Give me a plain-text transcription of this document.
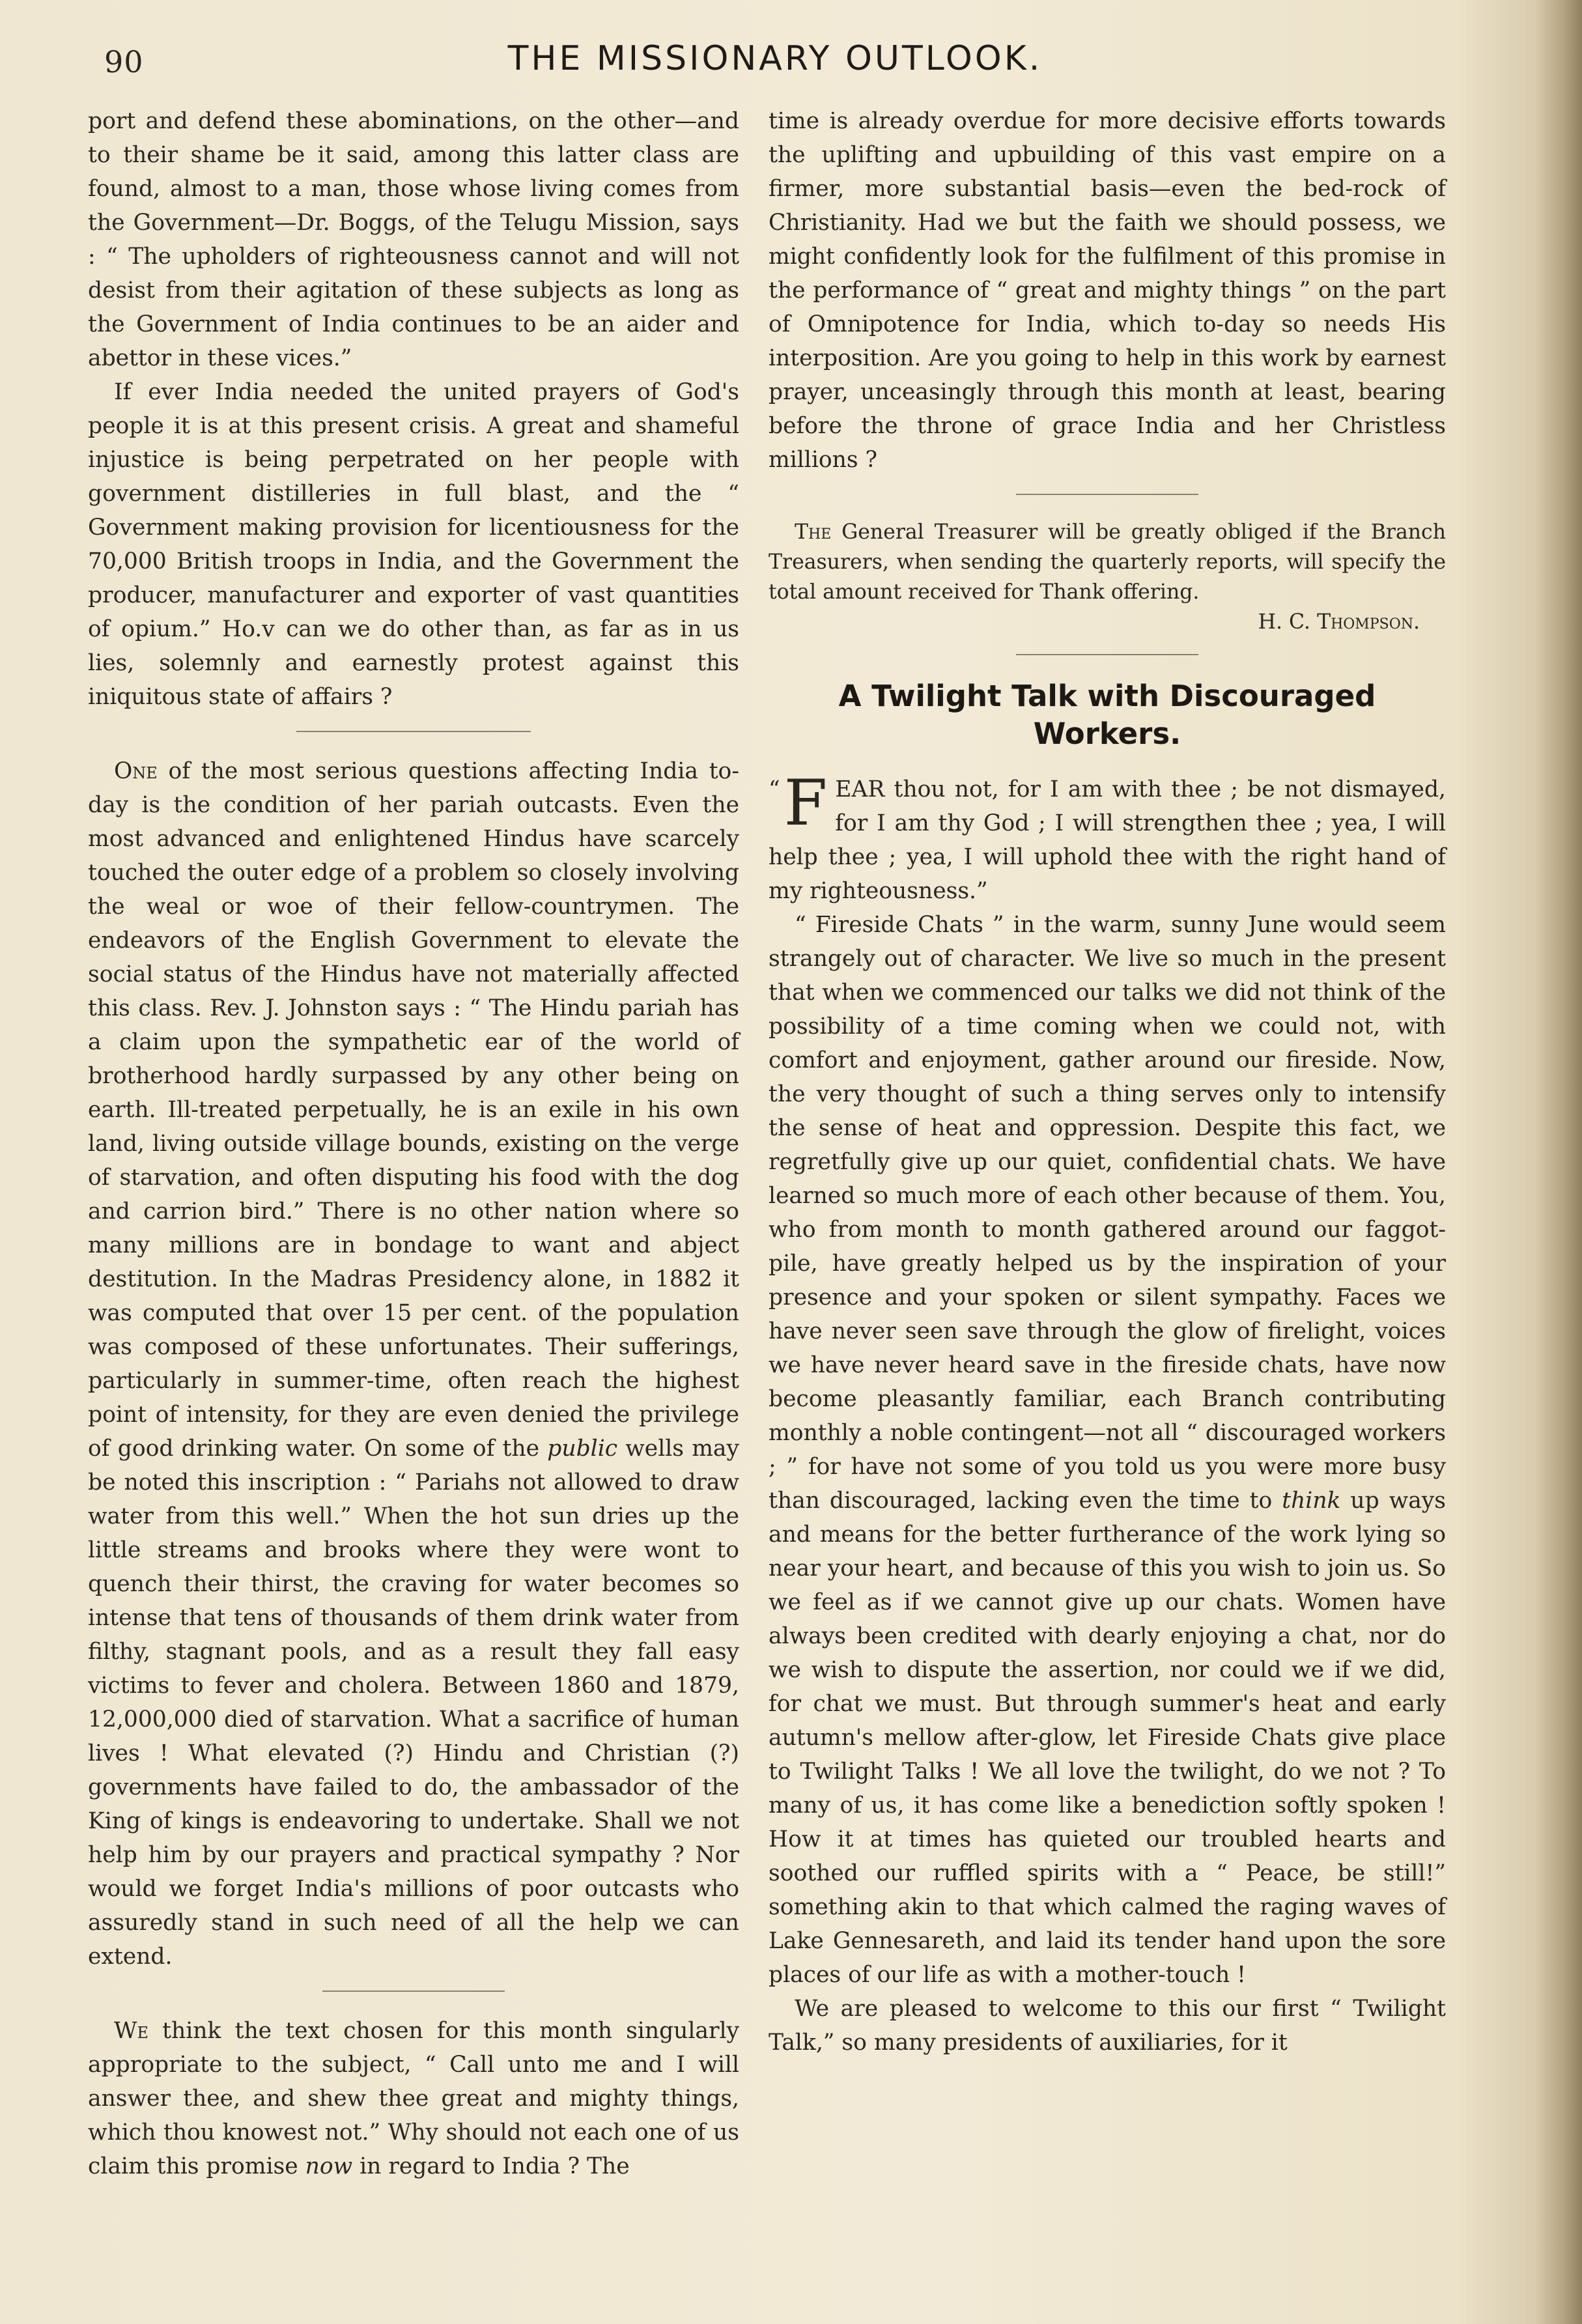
90	THE MISSIONARY OUTLOOK.

port and defend these abominations, on the other—and to their shame be it said, among this latter class are found, almost to a man, those whose living comes from the Government—Dr. Boggs, of the Telugu Mission, says : “ The upholders of righteousness cannot and will not desist from their agitation of these subjects as long as the Government of India continues to be an aider and abettor in these vices.”

If ever India needed the united prayers of God's people it is at this present crisis. A great and shameful injustice is being perpetrated on her people with government distilleries in full blast, and the “ Government making provision for licentiousness for the 70,000 British troops in India, and the Government the producer, manufacturer and exporter of vast quantities of opium.” Ho.v can we do other than, as far as in us lies, solemnly and earnestly protest against this iniquitous state of affairs ?

One of the most serious questions affecting India to-day is the condition of her pariah outcasts. Even the most advanced and enlightened Hindus have scarcely touched the outer edge of a problem so closely involving the weal or woe of their fellow-countrymen. The endeavors of the English Government to elevate the social status of the Hindus have not materially affected this class. Rev. J. Johnston says : “ The Hindu pariah has a claim upon the sympathetic ear of the world of brotherhood hardly surpassed by any other being on earth. Ill-treated perpetually, he is an exile in his own land, living outside village bounds, existing on the verge of starvation, and often disputing his food with the dog and carrion bird.” There is no other nation where so many millions are in bondage to want and abject destitution. In the Madras Presidency alone, in 1882 it was computed that over 15 per cent. of the population was composed of these unfortunates. Their sufferings, particularly in summer-time, often reach the highest point of intensity, for they are even denied the privilege of good drinking water. On some of the public wells may be noted this inscription : “ Pariahs not allowed to draw water from this well.” When the hot sun dries up the little streams and brooks where they were wont to quench their thirst, the craving for water becomes so intense that tens of thousands of them drink water from filthy, stagnant pools, and as a result they fall easy victims to fever and cholera. Between 1860 and 1879, 12,000,000 died of starvation. What a sacrifice of human lives ! What elevated (?) Hindu and Christian (?) governments have failed to do, the ambassador of the King of kings is endeavoring to undertake. Shall we not help him by our prayers and practical sympathy ? Nor would we forget India's millions of poor outcasts who assuredly stand in such need of all the help we can extend.

We think the text chosen for this month singularly appropriate to the subject, “ Call unto me and I will answer thee, and shew thee great and mighty things, which thou knowest not.” Why should not each one of us claim this promise now in regard to India ? The

time is already overdue for more decisive efforts towards the uplifting and upbuilding of this vast empire on a firmer, more substantial basis—even the bed-rock of Christianity. Had we but the faith we should possess, we might confidently look for the fulfilment of this promise in the performance of “ great and mighty things ” on the part of Omnipotence for India, which to-day so needs His interposition. Are you going to help in this work by earnest prayer, unceasingly through this month at least, bearing before the throne of grace India and her Christless millions ?

The General Treasurer will be greatly obliged if the Branch Treasurers, when sending the quarterly reports, will specify the total amount received for Thank offering.

H. C. Thompson.
A Twilight Talk with Discouraged
Workers.

“ F EAR thou not, for I am with thee ; be not dismayed, for I am thy God ; I will strengthen thee ; yea, I will help thee ; yea, I will uphold thee with the right hand of my righteousness.”

“ Fireside Chats ” in the warm, sunny June would seem strangely out of character. We live so much in the present that when we commenced our talks we did not think of the possibility of a time coming when we could not, with comfort and enjoyment, gather around our fireside. Now, the very thought of such a thing serves only to intensify the sense of heat and oppression. Despite this fact, we regretfully give up our quiet, confidential chats. We have learned so much more of each other because of them. You, who from month to month gathered around our faggot-pile, have greatly helped us by the inspiration of your presence and your spoken or silent sympathy. Faces we have never seen save through the glow of firelight, voices we have never heard save in the fireside chats, have now become pleasantly familiar, each Branch contributing monthly a noble contingent—not all “ discouraged workers ; ” for have not some of you told us you were more busy than discouraged, lacking even the time to think up ways and means for the better furtherance of the work lying so near your heart, and because of this you wish to join us. So we feel as if we cannot give up our chats. Women have always been credited with dearly enjoying a chat, nor do we wish to dispute the assertion, nor could we if we did, for chat we must. But through summer's heat and early autumn's mellow after-glow, let Fireside Chats give place to Twilight Talks ! We all love the twilight, do we not ? To many of us, it has come like a benediction softly spoken ! How it at times has quieted our troubled hearts and soothed our ruffled spirits with a “ Peace, be still!” something akin to that which calmed the raging waves of Lake Gennesareth, and laid its tender hand upon the sore places of our life as with a mother-touch !

We are pleased to welcome to this our first “ Twilight Talk,” so many presidents of auxiliaries, for it
